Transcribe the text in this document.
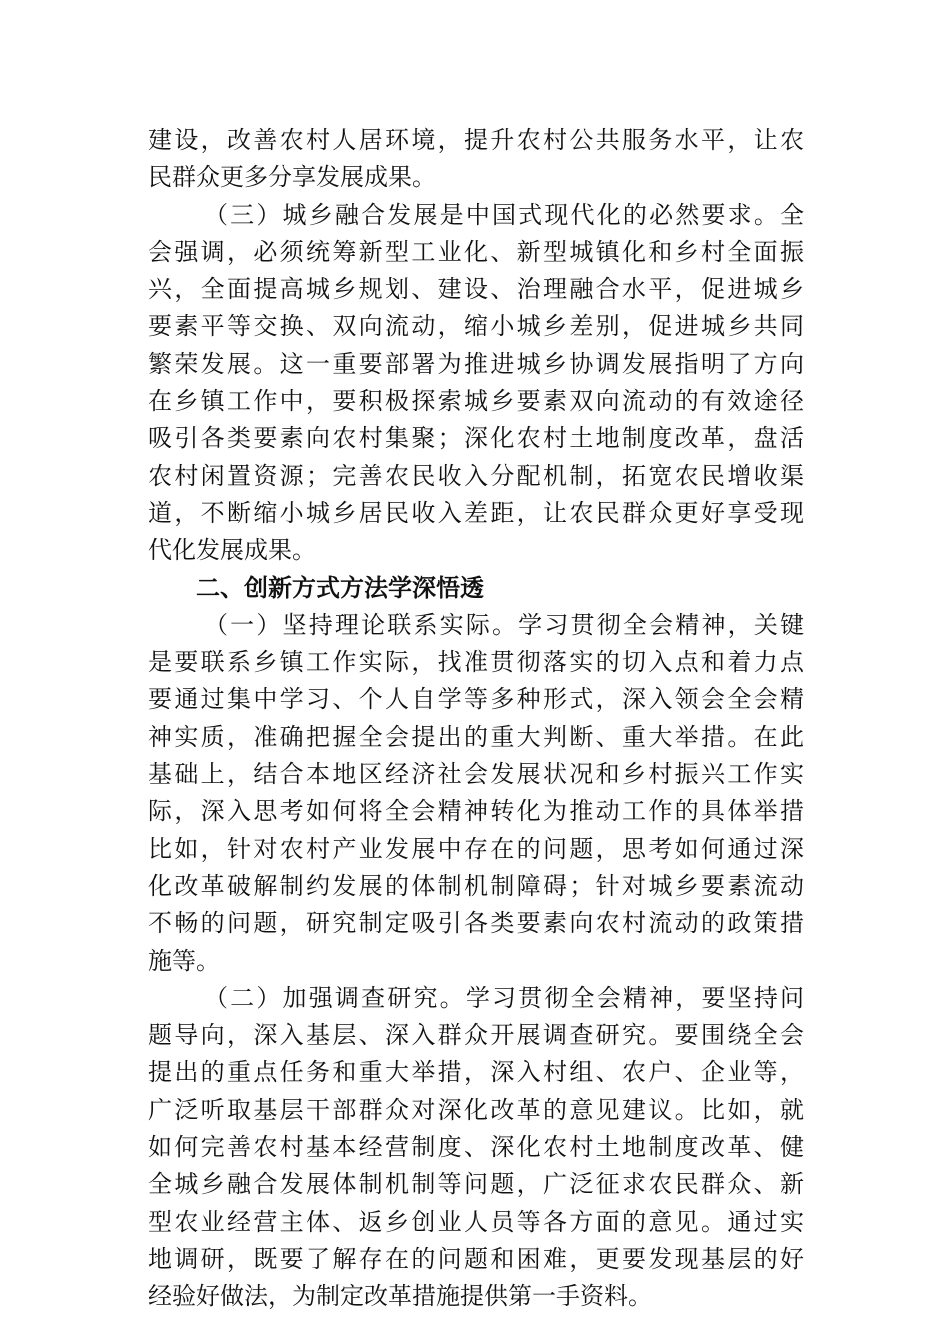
建设，改善农村人居环境，提升农村公共服务水平，让农
民群众更多分享发展成果。
（三）城乡融合发展是中国式现代化的必然要求。全
会强调，必须统筹新型工业化、新型城镇化和乡村全面振
兴，全面提高城乡规划、建设、治理融合水平，促进城乡
要素平等交换、双向流动，缩小城乡差别，促进城乡共同
繁荣发展。这一重要部署为推进城乡协调发展指明了方向
在乡镇工作中，要积极探索城乡要素双向流动的有效途径
吸引各类要素向农村集聚；深化农村土地制度改革，盘活
农村闲置资源；完善农民收入分配机制，拓宽农民增收渠
道，不断缩小城乡居民收入差距，让农民群众更好享受现
代化发展成果。
二、创新方式方法学深悟透
（一）坚持理论联系实际。学习贯彻全会精神，关键
是要联系乡镇工作实际，找准贯彻落实的切入点和着力点
要通过集中学习、个人自学等多种形式，深入领会全会精
神实质，准确把握全会提出的重大判断、重大举措。在此
基础上，结合本地区经济社会发展状况和乡村振兴工作实
际，深入思考如何将全会精神转化为推动工作的具体举措
比如，针对农村产业发展中存在的问题，思考如何通过深
化改革破解制约发展的体制机制障碍；针对城乡要素流动
不畅的问题，研究制定吸引各类要素向农村流动的政策措
施等。
（二）加强调查研究。学习贯彻全会精神，要坚持问
题导向，深入基层、深入群众开展调查研究。要围绕全会
提出的重点任务和重大举措，深入村组、农户、企业等，
广泛听取基层干部群众对深化改革的意见建议。比如，就
如何完善农村基本经营制度、深化农村土地制度改革、健
全城乡融合发展体制机制等问题，广泛征求农民群众、新
型农业经营主体、返乡创业人员等各方面的意见。通过实
地调研，既要了解存在的问题和困难，更要发现基层的好
经验好做法，为制定改革措施提供第一手资料。
